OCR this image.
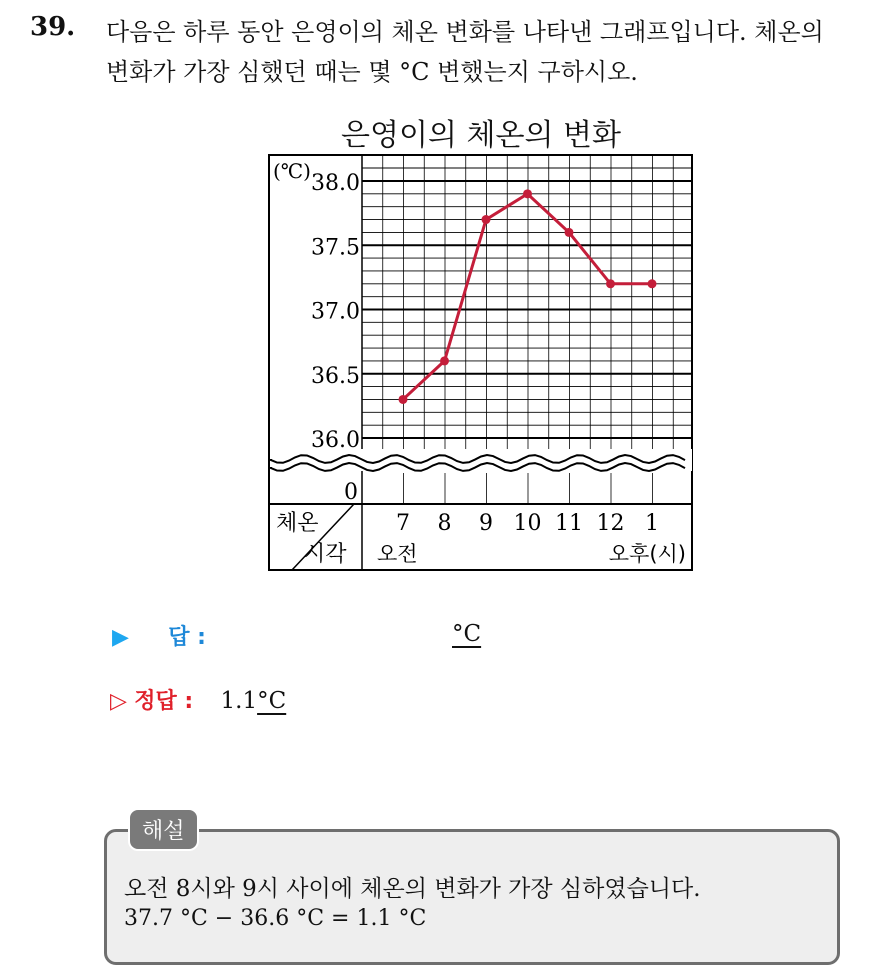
39. 다음은 하루 동안 은영이의 체온 변화를 나타낸 그래프입니다. 체온의
변화가 가장 심했던 때는 몇 °C 변했는지 구하시오.
은영이의 체온의 변화
38.0
37.5
37.0
36.5
36.0
0
(℃)
체온
시각
7 8 9 10 11 12 1
오전	오후(시)
▶ 답 :	°C
▷ 정답 : 1.1°C
해설
오전 8시와 9시 사이에 체온의 변화가 가장 심하였습니다.
37.7 °C − 36.6 °C = 1.1 °C
